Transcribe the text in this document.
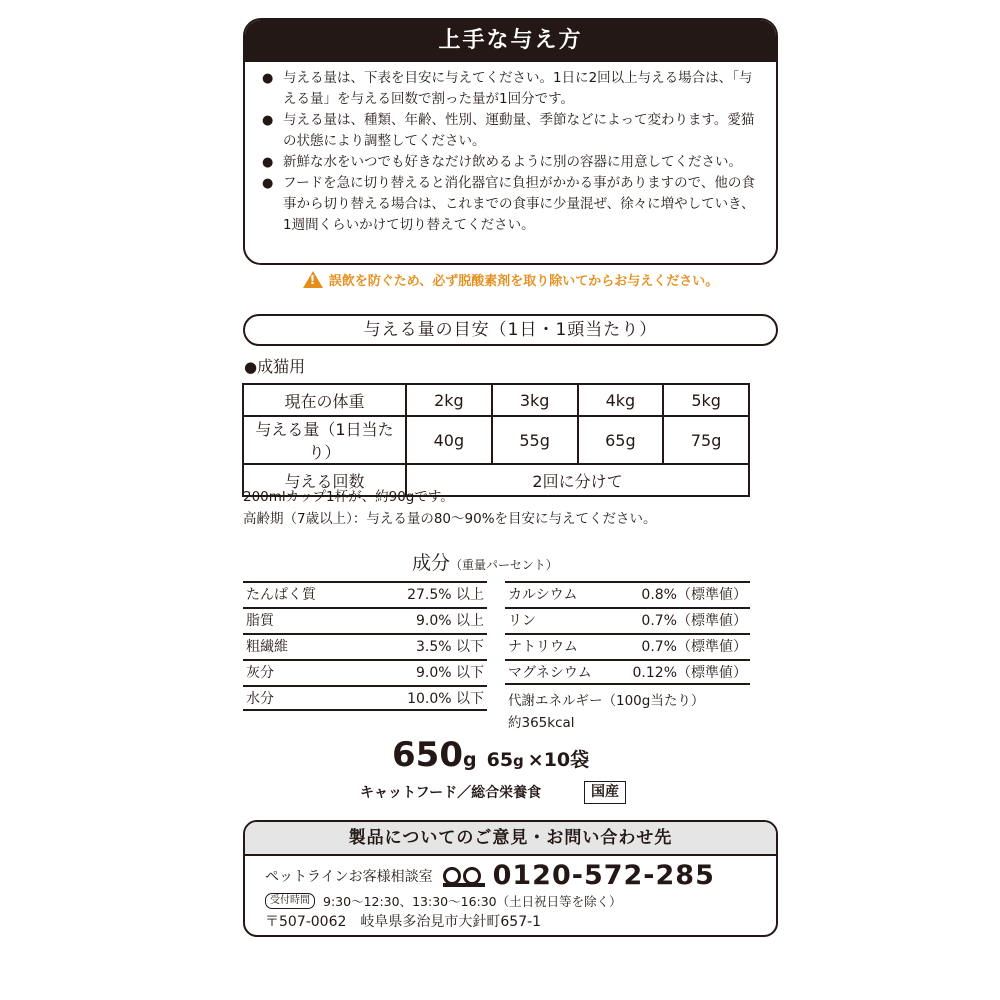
上手な与え方
● 与える量は、下表を目安に与えてください。1日に2回以上与える場合は、「与える量」を与える回数で割った量が1回分です。
● 与える量は、種類、年齢、性別、運動量、季節などによって変わります。愛猫の状態により調整してください。
● 新鮮な水をいつでも好きなだけ飲めるように別の容器に用意してください。
● フードを急に切り替えると消化器官に負担がかかる事がありますので、他の食事から切り替える場合は、これまでの食事に少量混ぜ、徐々に増やしていき、1週間くらいかけて切り替えてください。
!誤飲を防ぐため、必ず脱酸素剤を取り除いてからお与えください。
与える量の目安（1日・1頭当たり）
●成猫用
現在の体重	2kg	3kg	4kg	5kg
与える量（1日当たり）	40g	55g	65g	75g
与える回数	2回に分けて			
200mlカップ1杯が、約90gです。
高齢期（7歳以上）：与える量の80〜90%を目安に与えてください。
成分（重量パーセント）
たんぱく質	27.5% 以上
脂質	9.0% 以上
粗繊維	3.5% 以下
灰分	9.0% 以下
水分	10.0% 以下
カルシウム	0.8%（標準値）
リン	0.7%（標準値）
ナトリウム	0.7%（標準値）
マグネシウム	0.12%（標準値）
代謝エネルギー（100g当たり）
約365kcal
650g 65g ×10袋
キャットフード／総合栄養食	国産
製品についてのご意見・お問い合わせ先
ペットラインお客様相談室 0120-572-285
受付時間	9:30〜12:30、13:30〜16:30（土日祝日等を除く）
〒507-0062　岐阜県多治見市大針町657-1
